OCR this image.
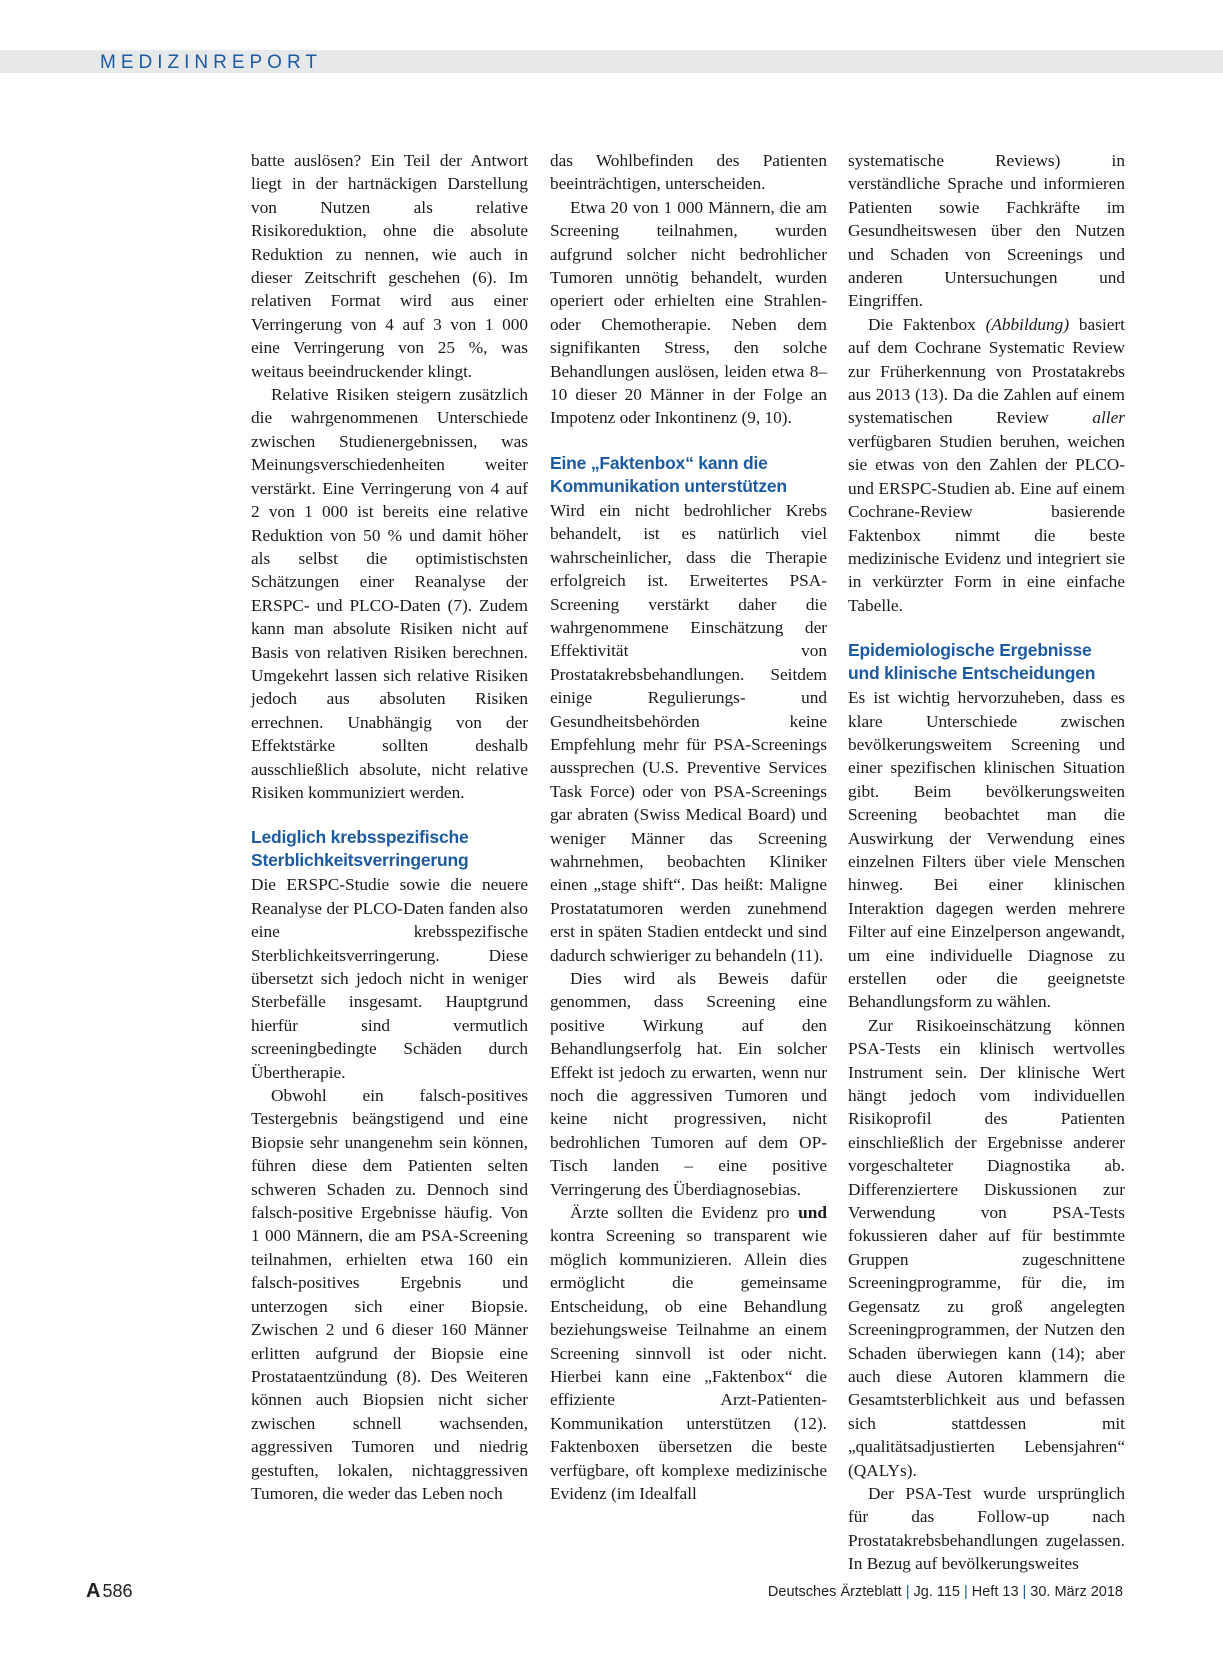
MEDIZINREPORT

batte auslösen? Ein Teil der Antwort liegt in der hartnäckigen Darstellung von Nutzen als relative Risikoreduktion, ohne die absolute Reduktion zu nennen, wie auch in dieser Zeitschrift geschehen (6). Im relativen Format wird aus einer Verringerung von 4 auf 3 von 1 000 eine Verringerung von 25 %, was weitaus beeindruckender klingt.

Relative Risiken steigern zusätzlich die wahrgenommenen Unterschiede zwischen Studienergebnissen, was Meinungsverschiedenheiten weiter verstärkt. Eine Verringerung von 4 auf 2 von 1 000 ist bereits eine relative Reduktion von 50 % und damit höher als selbst die optimistischsten Schätzungen einer Reanalyse der ERSPC- und PLCO-Daten (7). Zudem kann man absolute Risiken nicht auf Basis von relativen Risiken berechnen. Umgekehrt lassen sich relative Risiken jedoch aus absoluten Risiken errechnen. Unabhängig von der Effektstärke sollten deshalb ausschließlich absolute, nicht relative Risiken kommuniziert werden.

Lediglich krebsspezifische Sterblichkeitsverringerung

Die ERSPC-Studie sowie die neuere Reanalyse der PLCO-Daten fanden also eine krebsspezifische Sterblichkeitsverringerung. Diese übersetzt sich jedoch nicht in weniger Sterbefälle insgesamt. Hauptgrund hierfür sind vermutlich screeningbedingte Schäden durch Übertherapie.

Obwohl ein falsch-positives Testergebnis beängstigend und eine Biopsie sehr unangenehm sein können, führen diese dem Patienten selten schweren Schaden zu. Dennoch sind falsch-positive Ergebnisse häufig. Von 1 000 Männern, die am PSA-Screening teilnahmen, erhielten etwa 160 ein falsch-positives Ergebnis und unterzogen sich einer Biopsie. Zwischen 2 und 6 dieser 160 Männer erlitten aufgrund der Biopsie eine Prostataentzündung (8). Des Weiteren können auch Biopsien nicht sicher zwischen schnell wachsenden, aggressiven Tumoren und niedrig gestuften, lokalen, nichtaggressiven Tumoren, die weder das Leben noch

das Wohlbefinden des Patienten beeinträchtigen, unterscheiden.

Etwa 20 von 1 000 Männern, die am Screening teilnahmen, wurden aufgrund solcher nicht bedrohlicher Tumoren unnötig behandelt, wurden operiert oder erhielten eine Strahlen- oder Chemotherapie. Neben dem signifikanten Stress, den solche Behandlungen auslösen, leiden etwa 8–10 dieser 20 Männer in der Folge an Impotenz oder Inkontinenz (9, 10).

Eine „Faktenbox“ kann die Kommunikation unterstützen

Wird ein nicht bedrohlicher Krebs behandelt, ist es natürlich viel wahrscheinlicher, dass die Therapie erfolgreich ist. Erweitertes PSA-Screening verstärkt daher die wahrgenommene Einschätzung der Effektivität von Prostatakrebsbehandlungen. Seitdem einige Regulierungs- und Gesundheitsbehörden keine Empfehlung mehr für PSA-Screenings aussprechen (U.S. Preventive Services Task Force) oder von PSA-Screenings gar abraten (Swiss Medical Board) und weniger Männer das Screening wahrnehmen, beobachten Kliniker einen „stage shift“. Das heißt: Maligne Prostatatumoren werden zunehmend erst in späten Stadien entdeckt und sind dadurch schwieriger zu behandeln (11).

Dies wird als Beweis dafür genommen, dass Screening eine positive Wirkung auf den Behandlungserfolg hat. Ein solcher Effekt ist jedoch zu erwarten, wenn nur noch die aggressiven Tumoren und keine nicht progressiven, nicht bedrohlichen Tumoren auf dem OP-Tisch landen – eine positive Verringerung des Überdiagnosebias.

Ärzte sollten die Evidenz pro und kontra Screening so transparent wie möglich kommunizieren. Allein dies ermöglicht die gemeinsame Entscheidung, ob eine Behandlung beziehungsweise Teilnahme an einem Screening sinnvoll ist oder nicht. Hierbei kann eine „Faktenbox“ die effiziente Arzt-Patienten-Kommunikation unterstützen (12). Faktenboxen übersetzen die beste verfügbare, oft komplexe medizinische Evidenz (im Idealfall

systematische Reviews) in verständliche Sprache und informieren Patienten sowie Fachkräfte im Gesundheitswesen über den Nutzen und Schaden von Screenings und anderen Untersuchungen und Eingriffen.

Die Faktenbox (Abbildung) basiert auf dem Cochrane Systematic Review zur Früherkennung von Prostatakrebs aus 2013 (13). Da die Zahlen auf einem systematischen Review	aller verfügbaren Studien beruhen, weichen sie etwas von den Zahlen der PLCO- und ERSPC-Studien ab. Eine auf einem Cochrane-Review basierende Faktenbox nimmt die beste medizinische Evidenz und integriert sie in verkürzter Form in eine einfache Tabelle.

Epidemiologische Ergebnisse und klinische Entscheidungen

Es ist wichtig hervorzuheben, dass es klare Unterschiede zwischen bevölkerungsweitem Screening und einer spezifischen klinischen Situation gibt. Beim bevölkerungsweiten Screening beobachtet man die Auswirkung der Verwendung eines einzelnen Filters über viele Menschen hinweg. Bei einer klinischen Interaktion dagegen werden mehrere Filter auf eine Einzelperson angewandt, um eine individuelle Diagnose zu erstellen oder die geeignetste Behandlungsform zu wählen.

Zur Risikoeinschätzung können PSA-Tests ein klinisch wertvolles Instrument sein. Der klinische Wert hängt jedoch vom individuellen Risikoprofil des Patienten einschließlich der Ergebnisse anderer vorgeschalteter Diagnostika ab. Differenziertere Diskussionen zur Verwendung von PSA-Tests fokussieren daher auf für bestimmte Gruppen zugeschnittene Screeningprogramme, für die, im Gegensatz zu groß angelegten Screeningprogrammen, der Nutzen den Schaden überwiegen kann (14); aber auch diese Autoren klammern die Gesamtsterblichkeit aus und befassen sich stattdessen mit „qualitätsadjustierten Lebensjahren“ (QALYs).

Der PSA-Test wurde ursprünglich für das Follow-up nach Prostatakrebsbehandlungen zugelassen. In Bezug auf bevölkerungsweites

A 586	Deutsches Ärzteblatt | Jg. 115 | Heft 13 | 30. März 2018
